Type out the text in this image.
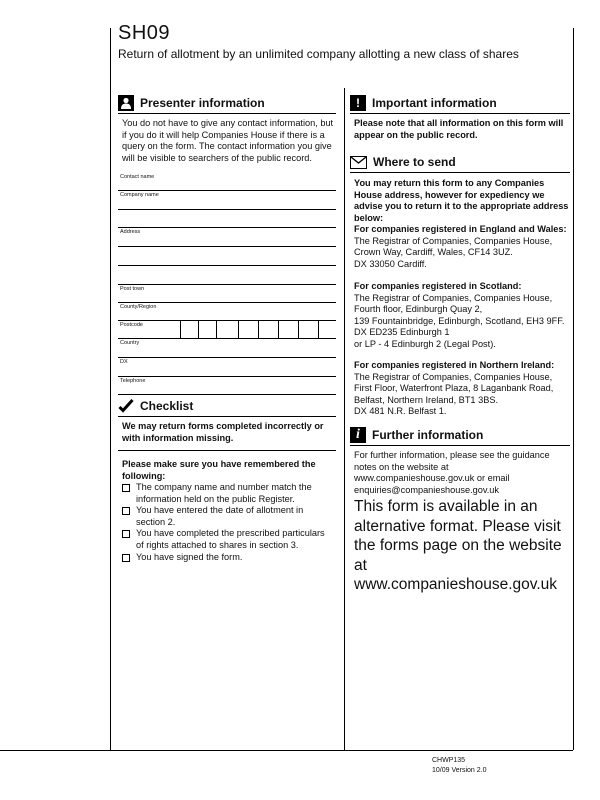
SH09
Return of allotment by an unlimited company allotting a new class of shares
Presenter information
You do not have to give any contact information, but if you do it will help Companies House if there is a query on the form. The contact information you give will be visible to searchers of the public record.
Contact name
Company name
Address
Post town
County/Region
Postcode
Country
DX
Telephone
Checklist
We may return forms completed incorrectly or with information missing.
Please make sure you have remembered the following:
The company name and number match the information held on the public Register.
You have entered the date of allotment in section 2.
You have completed the prescribed particulars of rights attached to shares in section 3.
You have signed the form.
!	Important information
Please note that all information on this form will appear on the public record.
Where to send
You may return this form to any Companies House address, however for expediency we advise you to return it to the appropriate address below:
For companies registered in England and Wales:
The Registrar of Companies, Companies House,
Crown Way, Cardiff, Wales, CF14 3UZ.
DX 33050 Cardiff.
For companies registered in Scotland:
The Registrar of Companies, Companies House,
Fourth floor, Edinburgh Quay 2,
139 Fountainbridge, Edinburgh, Scotland, EH3 9FF.
DX ED235 Edinburgh 1
or LP - 4 Edinburgh 2 (Legal Post).
For companies registered in Northern Ireland:
The Registrar of Companies, Companies House,
First Floor, Waterfront Plaza, 8 Laganbank Road,
Belfast, Northern Ireland, BT1 3BS.
DX 481 N.R. Belfast 1.
i	Further information
For further information, please see the guidance notes on the website at www.companieshouse.gov.uk or email enquiries@companieshouse.gov.uk
This form is available in an alternative format. Please visit the forms page on the website at www.companieshouse.gov.uk
CHWP135
10/09 Version 2.0
